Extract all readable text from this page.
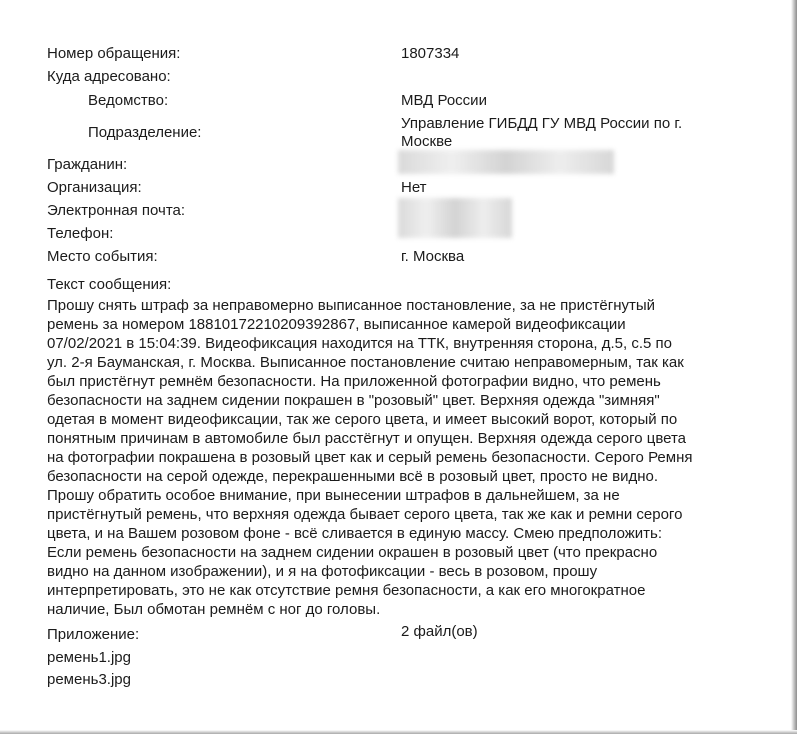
Номер обращения:	1807334
Куда адресовано:
Ведомство:	МВД России
Подразделение:
Управление ГИБДД ГУ МВД России по г.
Москве
Гражданин:
Организация:	Нет
Электронная почта:
Телефон:
Место события:	г. Москва
Текст сообщения:
Прошу снять штраф за неправомерно выписанное постановление, за не пристёгнутый
ремень за номером 18810172210209392867, выписанное камерой видеофиксации
07/02/2021 в 15:04:39. Видеофиксация находится на ТТК, внутренняя сторона, д.5, с.5 по
ул. 2-я Бауманская, г. Москва. Выписанное постановление считаю неправомерным, так как
был пристёгнут ремнём безопасности. На приложенной фотографии видно, что ремень
безопасности на заднем сидении покрашен в "розовый" цвет. Верхняя одежда "зимняя"
одетая в момент видеофиксации, так же серого цвета, и имеет высокий ворот, который по
понятным причинам в автомобиле был расстёгнут и опущен. Верхняя одежда серого цвета
на фотографии покрашена в розовый цвет как и серый ремень безопасности. Серого Ремня
безопасности на серой одежде, перекрашенными всё в розовый цвет, просто не видно.
Прошу обратить особое внимание, при вынесении штрафов в дальнейшем, за не
пристёгнутый ремень, что верхняя одежда бывает серого цвета, так же как и ремни серого
цвета, и на Вашем розовом фоне - всё сливается в единую массу. Смею предположить:
Если ремень безопасности на заднем сидении окрашен в розовый цвет (что прекрасно
видно на данном изображении), и я на фотофиксации - весь в розовом, прошу
интерпретировать, это не как отсутствие ремня безопасности, а как его многократное
наличие, Был обмотан ремнём с ног до головы.
Приложение:	2 файл(ов)
ремень1.jpg
ремень3.jpg
